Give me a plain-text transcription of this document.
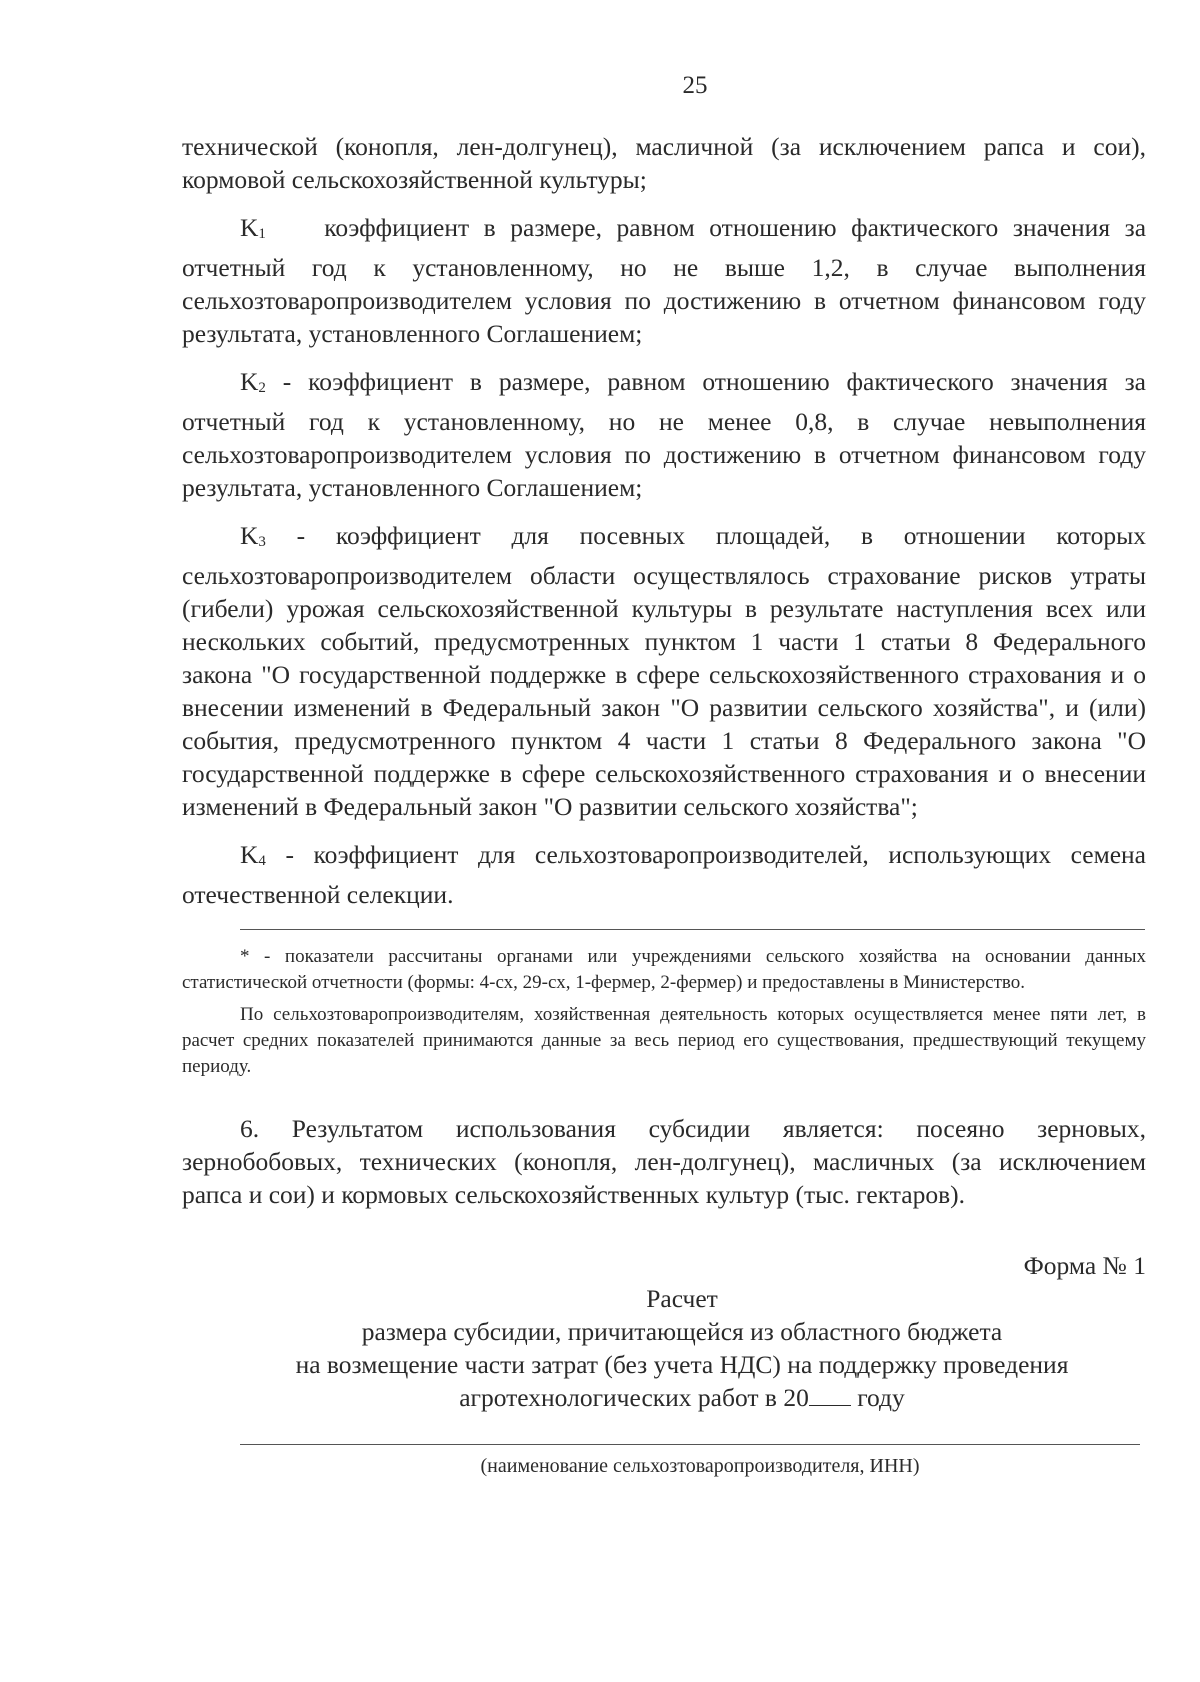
25

технической (конопля, лен-долгунец), масличной (за исключением рапса и сои), кормовой сельскохозяйственной культуры;

$K_1$ коэффициент в размере, равном отношению фактического значения за отчетный год к установленному, но не выше 1,2, в случае выполнения сельхозтоваропроизводителем условия по достижению в отчетном финансовом году результата, установленного Соглашением;

$K_2$ - коэффициент в размере, равном отношению фактического значения за отчетный год к установленному, но не менее 0,8, в случае невыполнения сельхозтоваропроизводителем условия по достижению в отчетном финансовом году результата, установленного Соглашением;

$K_3$ - коэффициент для посевных площадей, в отношении которых сельхозтоваропроизводителем области осуществлялось страхование рисков утраты (гибели) урожая сельскохозяйственной культуры в результате наступления всех или нескольких событий, предусмотренных пунктом 1 части 1 статьи 8 Федерального закона "О государственной поддержке в сфере сельскохозяйственного страхования и о внесении изменений в Федеральный закон "О развитии сельского хозяйства", и (или) события, предусмотренного пунктом 4 части 1 статьи 8 Федерального закона "О государственной поддержке в сфере сельскохозяйственного страхования и о внесении изменений в Федеральный закон "О развитии сельского хозяйства";

$K_4$ - коэффициент для сельхозтоваропроизводителей, использующих семена отечественной селекции.

* - показатели рассчитаны органами или учреждениями сельского хозяйства на основании данных статистической отчетности (формы: 4-сх, 29-сх, 1-фермер, 2-фермер) и предоставлены в Министерство.

По сельхозтоваропроизводителям, хозяйственная деятельность которых осуществляется менее пяти лет, в расчет средних показателей принимаются данные за весь период его существования, предшествующий текущему периоду.

6. Результатом использования субсидии является: посеяно зерновых, зернобобовых, технических (конопля, лен-долгунец), масличных (за исключением рапса и сои) и кормовых сельскохозяйственных культур (тыс. гектаров).

Форма № 1

Расчет

размера субсидии, причитающейся из областного бюджета

на возмещение части затрат (без учета НДС) на поддержку проведения

агротехнологических работ в 20 году

(наименование сельхозтоваропроизводителя, ИНН)
